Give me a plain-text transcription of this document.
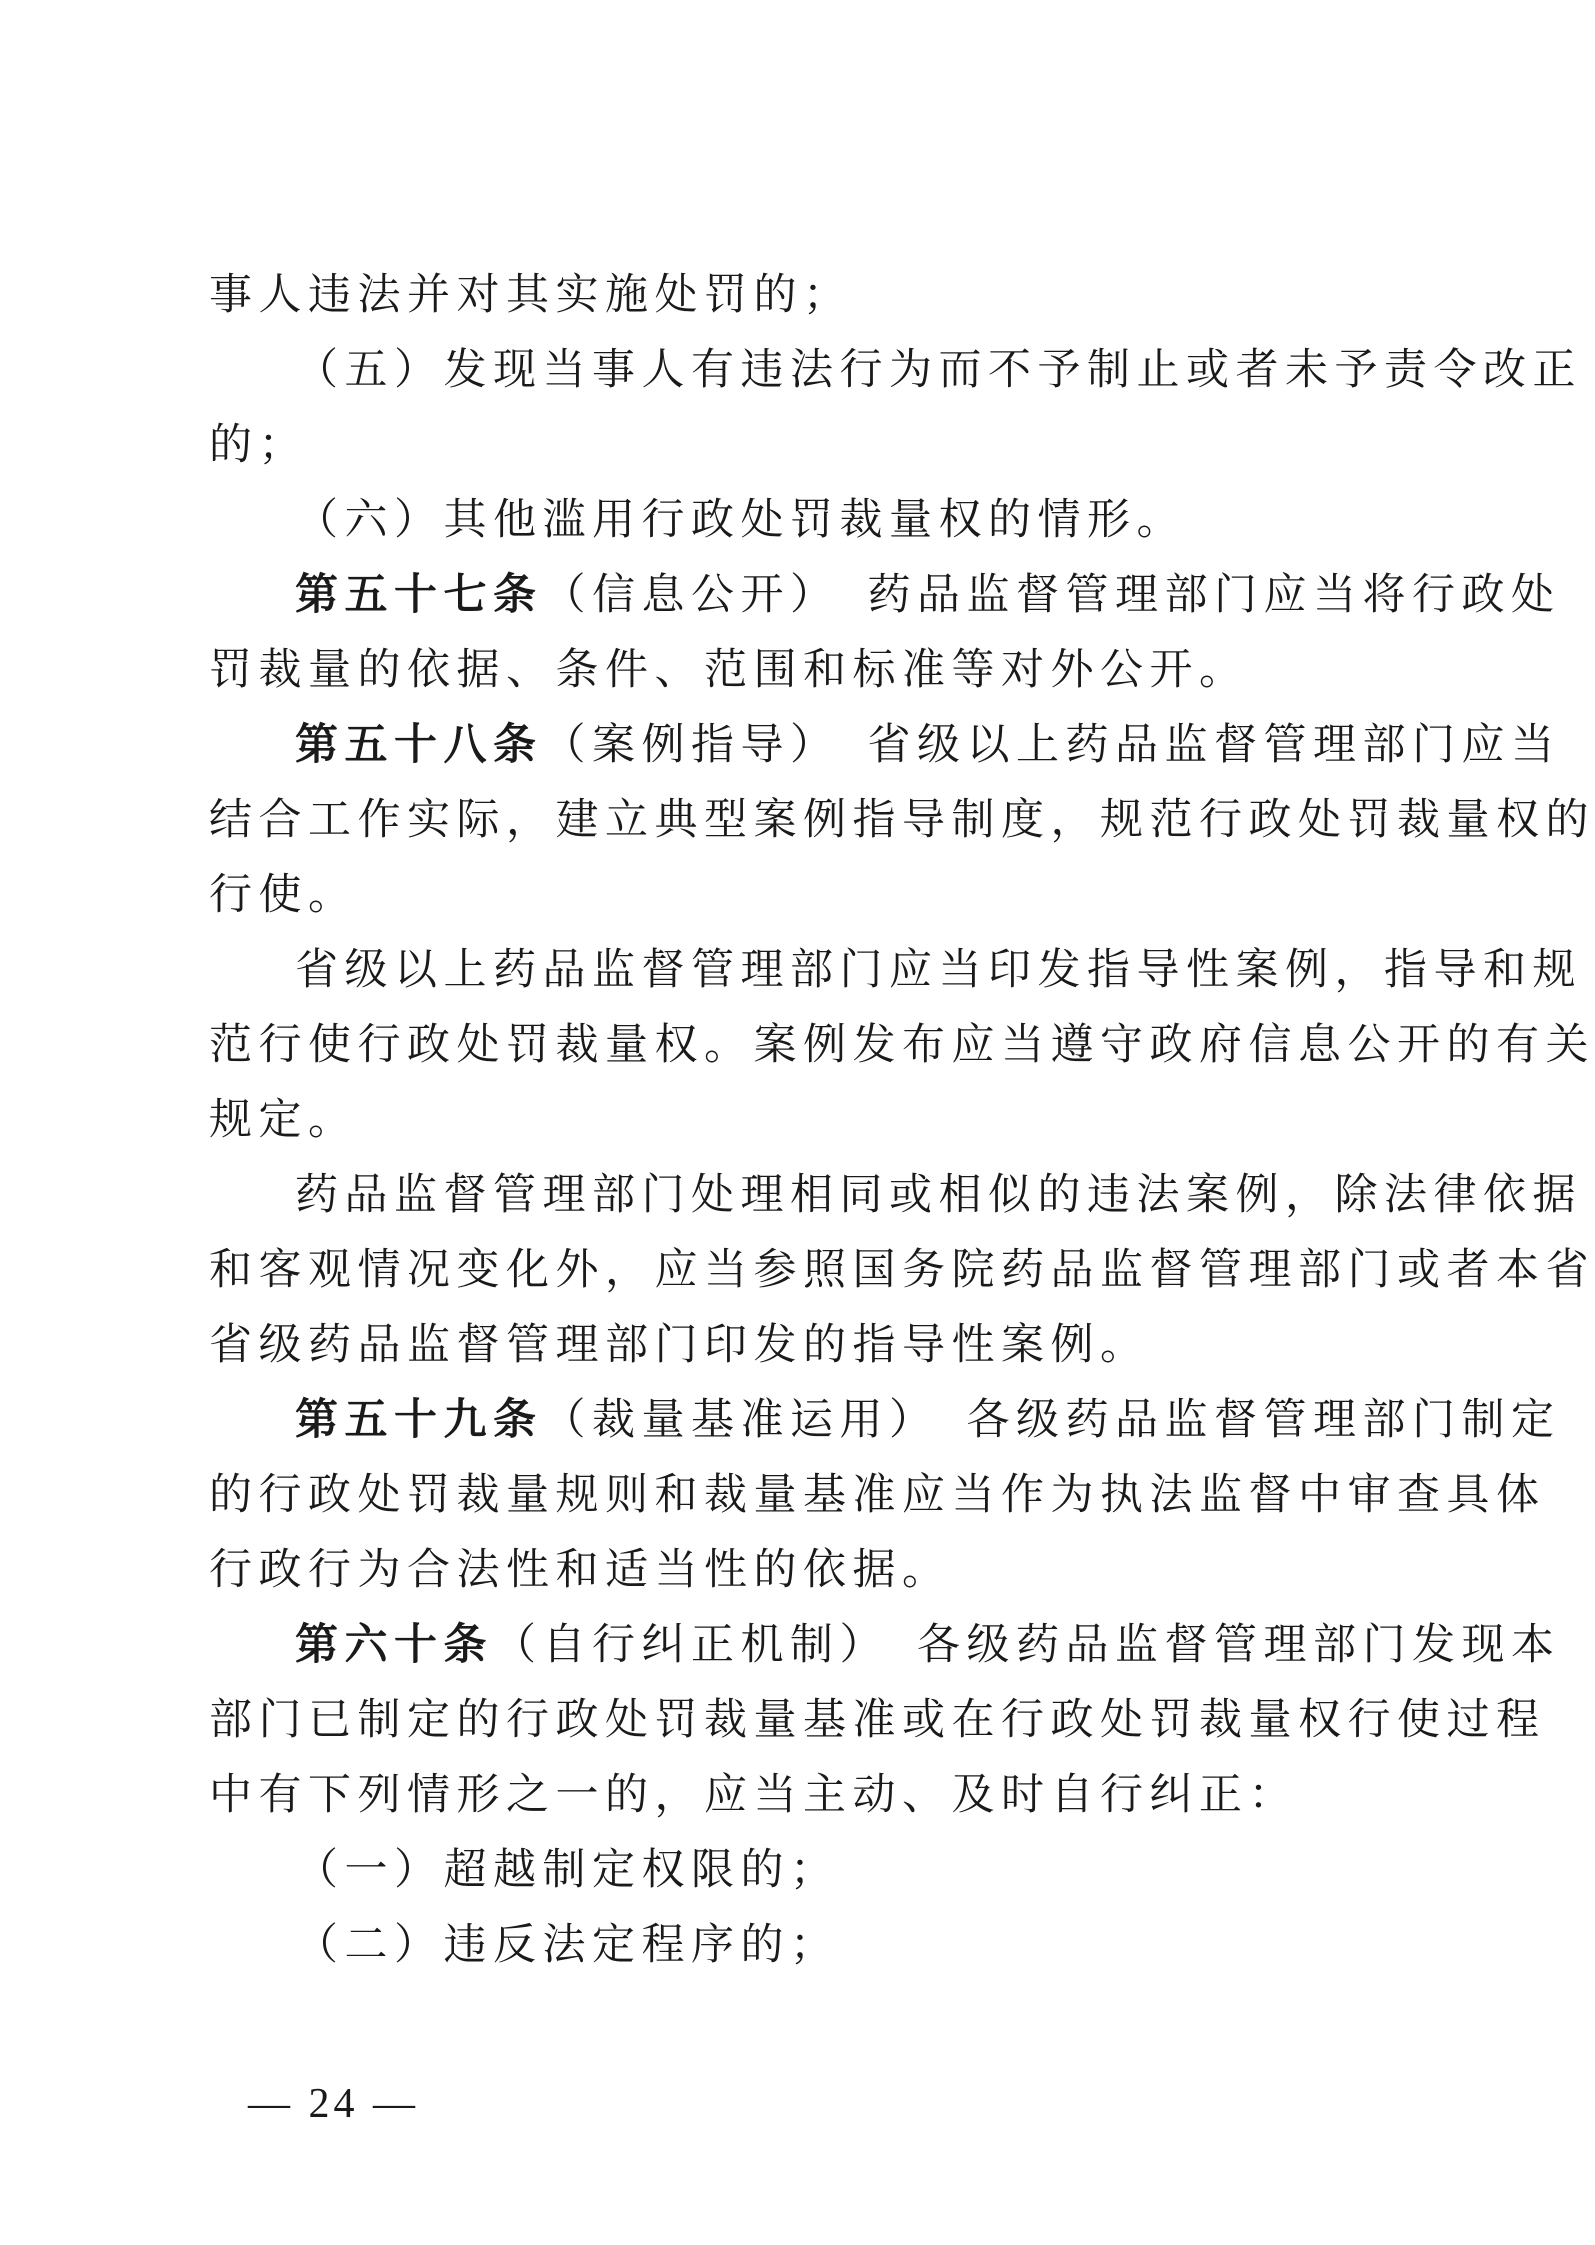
事人违法并对其实施处罚的；
（五）发现当事人有违法行为而不予制止或者未予责令改正
的；
（六）其他滥用行政处罚裁量权的情形。
第五十七条（信息公开）　药品监督管理部门应当将行政处
罚裁量的依据、条件、范围和标准等对外公开。
第五十八条（案例指导）　省级以上药品监督管理部门应当
结合工作实际，建立典型案例指导制度，规范行政处罚裁量权的
行使。
省级以上药品监督管理部门应当印发指导性案例，指导和规
范行使行政处罚裁量权。案例发布应当遵守政府信息公开的有关
规定。
药品监督管理部门处理相同或相似的违法案例，除法律依据
和客观情况变化外，应当参照国务院药品监督管理部门或者本省
省级药品监督管理部门印发的指导性案例。
第五十九条（裁量基准运用）　各级药品监督管理部门制定
的行政处罚裁量规则和裁量基准应当作为执法监督中审查具体
行政行为合法性和适当性的依据。
第六十条（自行纠正机制）　各级药品监督管理部门发现本
部门已制定的行政处罚裁量基准或在行政处罚裁量权行使过程
中有下列情形之一的，应当主动、及时自行纠正：
（一）超越制定权限的；
（二）违反法定程序的；
— 24 —
